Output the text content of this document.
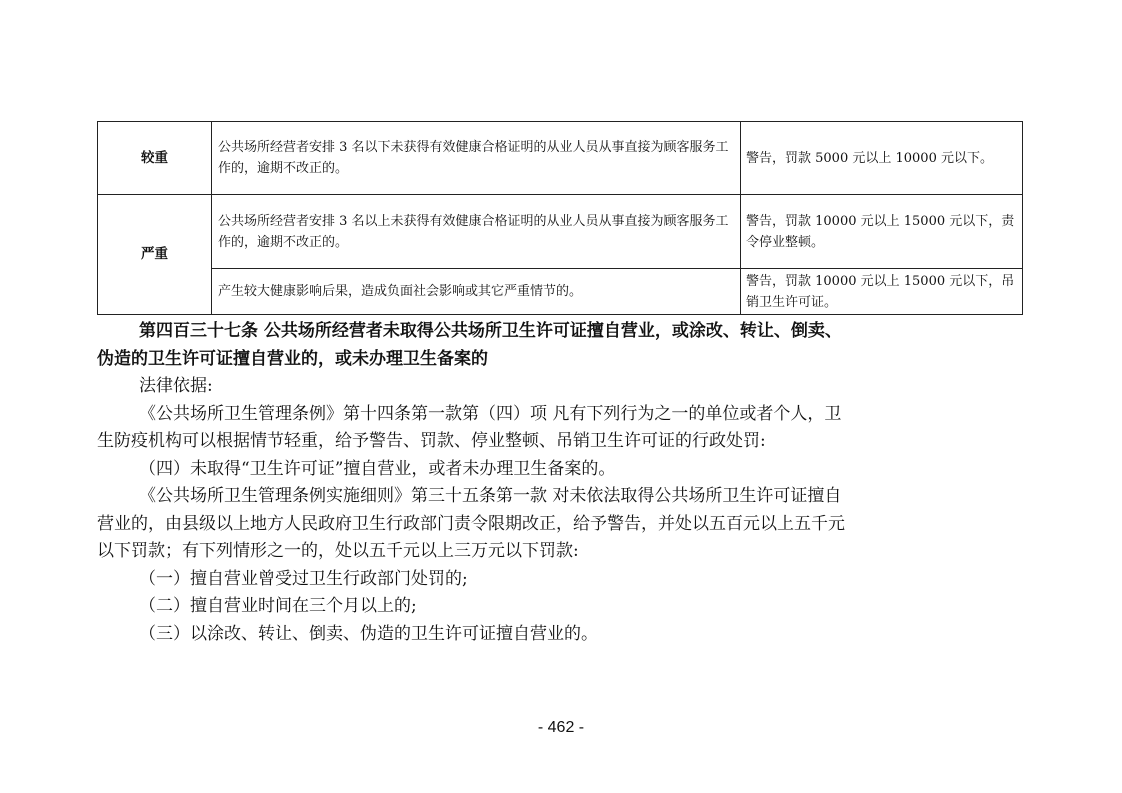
较重	公共场所经营者安排 3 名以下未获得有效健康合格证明的从业人员从事直接为顾客服务工作的，逾期不改正的。	警告，罚款 5000 元以上 10000 元以下。
严重	公共场所经营者安排 3 名以上未获得有效健康合格证明的从业人员从事直接为顾客服务工作的，逾期不改正的。	警告，罚款 10000 元以上 15000 元以下，责令停业整顿。
	产生较大健康影响后果，造成负面社会影响或其它严重情节的。	警告，罚款 10000 元以上 15000 元以下，吊销卫生许可证。

第四百三十七条 公共场所经营者未取得公共场所卫生许可证擅自营业，或涂改、转让、倒卖、

伪造的卫生许可证擅自营业的，或未办理卫生备案的

法律依据:

《公共场所卫生管理条例》第十四条第一款第（四）项 凡有下列行为之一的单位或者个人，卫

生防疫机构可以根据情节轻重，给予警告、罚款、停业整顿、吊销卫生许可证的行政处罚:

（四）未取得“卫生许可证”擅自营业，或者未办理卫生备案的。

《公共场所卫生管理条例实施细则》第三十五条第一款 对未依法取得公共场所卫生许可证擅自

营业的，由县级以上地方人民政府卫生行政部门责令限期改正，给予警告，并处以五百元以上五千元

以下罚款；有下列情形之一的，处以五千元以上三万元以下罚款:

（一）擅自营业曾受过卫生行政部门处罚的;

（二）擅自营业时间在三个月以上的;

（三）以涂改、转让、倒卖、伪造的卫生许可证擅自营业的。

- 462 -
